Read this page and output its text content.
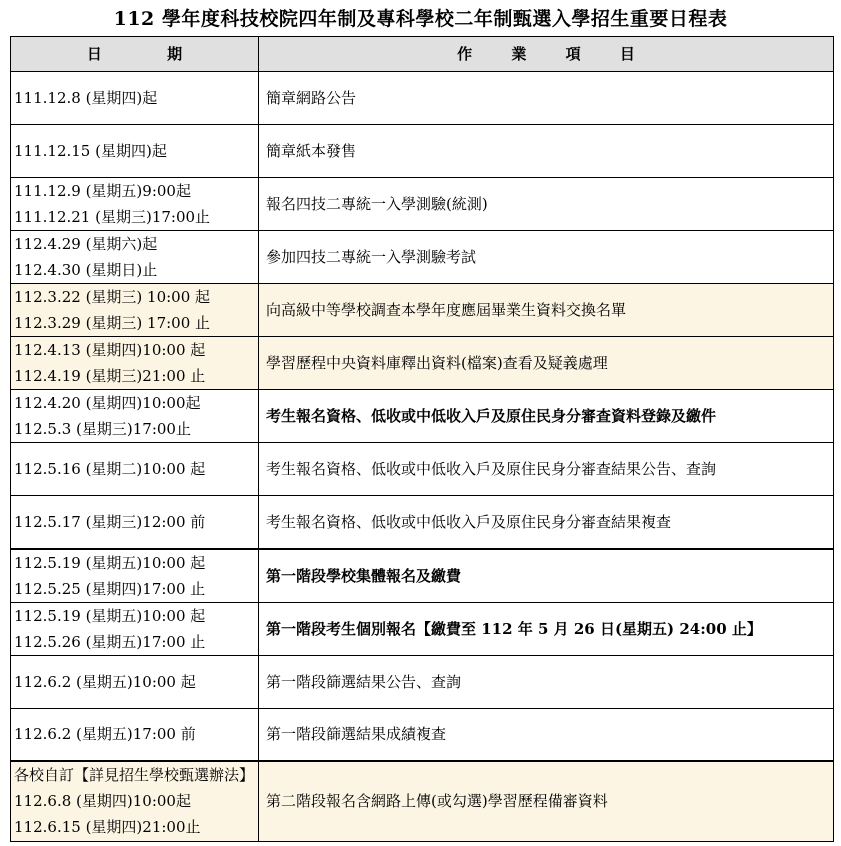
112 學年度科技校院四年制及專科學校二年制甄選入學招生重要日程表
日 期	作 業 項 目

111.12.8 (星期四)起	簡章網路公告

111.12.15 (星期四)起	簡章紙本發售

111.12.9 (星期五)9:00起
111.12.21 (星期三)17:00止	報名四技二專統一入學測驗(統測)

112.4.29 (星期六)起
112.4.30 (星期日)止	參加四技二專統一入學測驗考試

112.3.22 (星期三) 10:00 起
112.3.29 (星期三) 17:00 止	向高級中等學校調查本學年度應屆畢業生資料交換名單

112.4.13 (星期四)10:00 起
112.4.19 (星期三)21:00 止	學習歷程中央資料庫釋出資料(檔案)查看及疑義處理

112.4.20 (星期四)10:00起
112.5.3 (星期三)17:00止	考生報名資格、低收或中低收入戶及原住民身分審查資料登錄及繳件

112.5.16 (星期二)10:00 起	考生報名資格、低收或中低收入戶及原住民身分審查結果公告、查詢

112.5.17 (星期三)12:00 前	考生報名資格、低收或中低收入戶及原住民身分審查結果複查

112.5.19 (星期五)10:00 起
112.5.25 (星期四)17:00 止	第一階段學校集體報名及繳費

112.5.19 (星期五)10:00 起
112.5.26 (星期五)17:00 止	第一階段考生個別報名【繳費至 112 年 5 月 26 日(星期五) 24:00 止】

112.6.2 (星期五)10:00 起	第一階段篩選結果公告、查詢

112.6.2 (星期五)17:00 前	第一階段篩選結果成績複查

各校自訂【詳見招生學校甄選辦法】
112.6.8 (星期四)10:00起
112.6.15 (星期四)21:00止	第二階段報名含網路上傳(或勾選)學習歷程備審資料
